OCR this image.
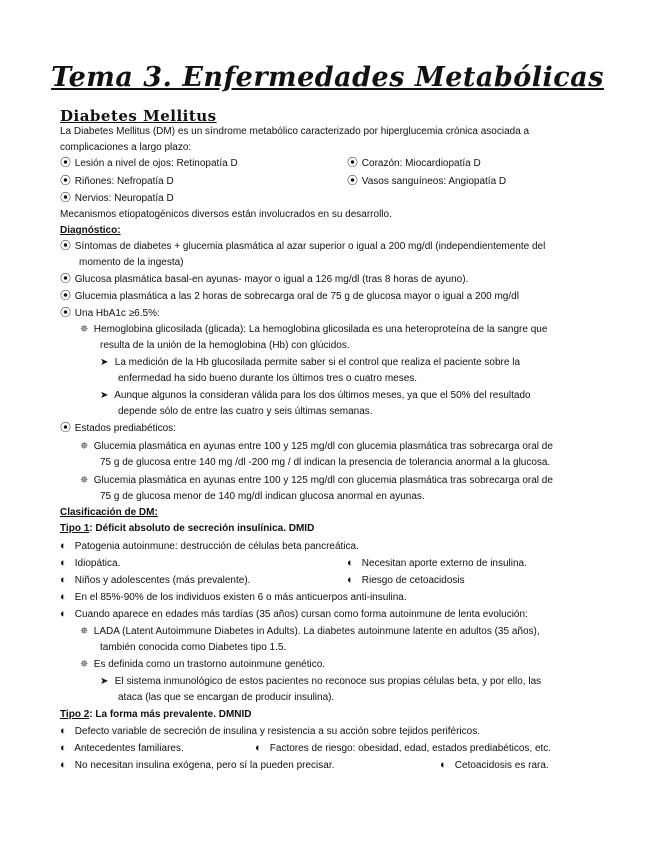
Tema 3. Enfermedades Metabólicas
Diabetes Mellitus
La Diabetes Mellitus (DM) es un síndrome metabólico caracterizado por hiperglucemia crónica asociada a
complicaciones a largo plazo:
⦿ Lesión a nivel de ojos: Retinopatía D	⦿ Corazón: Miocardiopatía D
⦿ Riñones: Nefropatía D	⦿ Vasos sanguíneos: Angiopatía D
⦿ Nervios: Neuropatía D
Mecanismos etiopatogénicos diversos están involucrados en su desarrollo.
Diagnóstico:
⦿ Síntomas de diabetes + glucemia plasmática al azar superior o igual a 200 mg/dl (independientemente del
momento de la ingesta)
⦿ Glucosa plasmática basal-en ayunas- mayor o igual a 126 mg/dl (tras 8 horas de ayuno).
⦿ Glucemia plasmática a las 2 horas de sobrecarga oral de 75 g de glucosa mayor o igual a 200 mg/dl
⦿ Una HbA1c ≥6.5%:
✵ Hemoglobina glicosilada (glicada): La hemoglobina glicosilada es una heteroproteína de la sangre que
resulta de la unión de la hemoglobina (Hb) con glúcidos.
➤ La medición de la Hb glucosilada permite saber si el control que realiza el paciente sobre la
enfermedad ha sido bueno durante los últimos tres o cuatro meses.
➤ Aunque algunos la consideran válida para los dos últimos meses, ya que el 50% del resultado
depende sólo de entre las cuatro y seis últimas semanas.
⦿ Estados prediabéticos:
✵ Glucemia plasmática en ayunas entre 100 y 125 mg/dl con glucemia plasmática tras sobrecarga oral de
75 g de glucosa entre 140 mg /dl -200 mg / dl indican la presencia de tolerancia anormal a la glucosa.
✵ Glucemia plasmática en ayunas entre 100 y 125 mg/dl con glucemia plasmática tras sobrecarga oral de
75 g de glucosa menor de 140 mg/dl indican glucosa anormal en ayunas.
Clasificación de DM:
Tipo 1: Déficit absoluto de secreción insulínica. DMID
◐ Patogenia autoinmune: destrucción de células beta pancreática.
◐ Idiopática.	◐ Necesitan aporte externo de insulina.
◐ Niños y adolescentes (más prevalente).	◐ Riesgo de cetoacidosis
◐ En el 85%-90% de los individuos existen 6 o más anticuerpos anti-insulina.
◐ Cuando aparece en edades más tardías (35 años) cursan como forma autoinmune de lenta evolución:
✵ LADA (Latent Autoimmune Diabetes in Adults). La diabetes autoinmune latente en adultos (35 años),
también conocida como Diabetes tipo 1.5.
✵ Es definida como un trastorno autoinmune genético.
➤ El sistema inmunológico de estos pacientes no reconoce sus propias células beta, y por ello, las
ataca (las que se encargan de producir insulina).
Tipo 2: La forma más prevalente. DMNID
◐ Defecto variable de secreción de insulina y resistencia a su acción sobre tejidos periféricos.
◐ Antecedentes familiares.	◐ Factores de riesgo: obesidad, edad, estados prediabéticos, etc.
◐ No necesitan insulina exógena, pero sí la pueden precisar.	◐ Cetoacidosis es rara.
